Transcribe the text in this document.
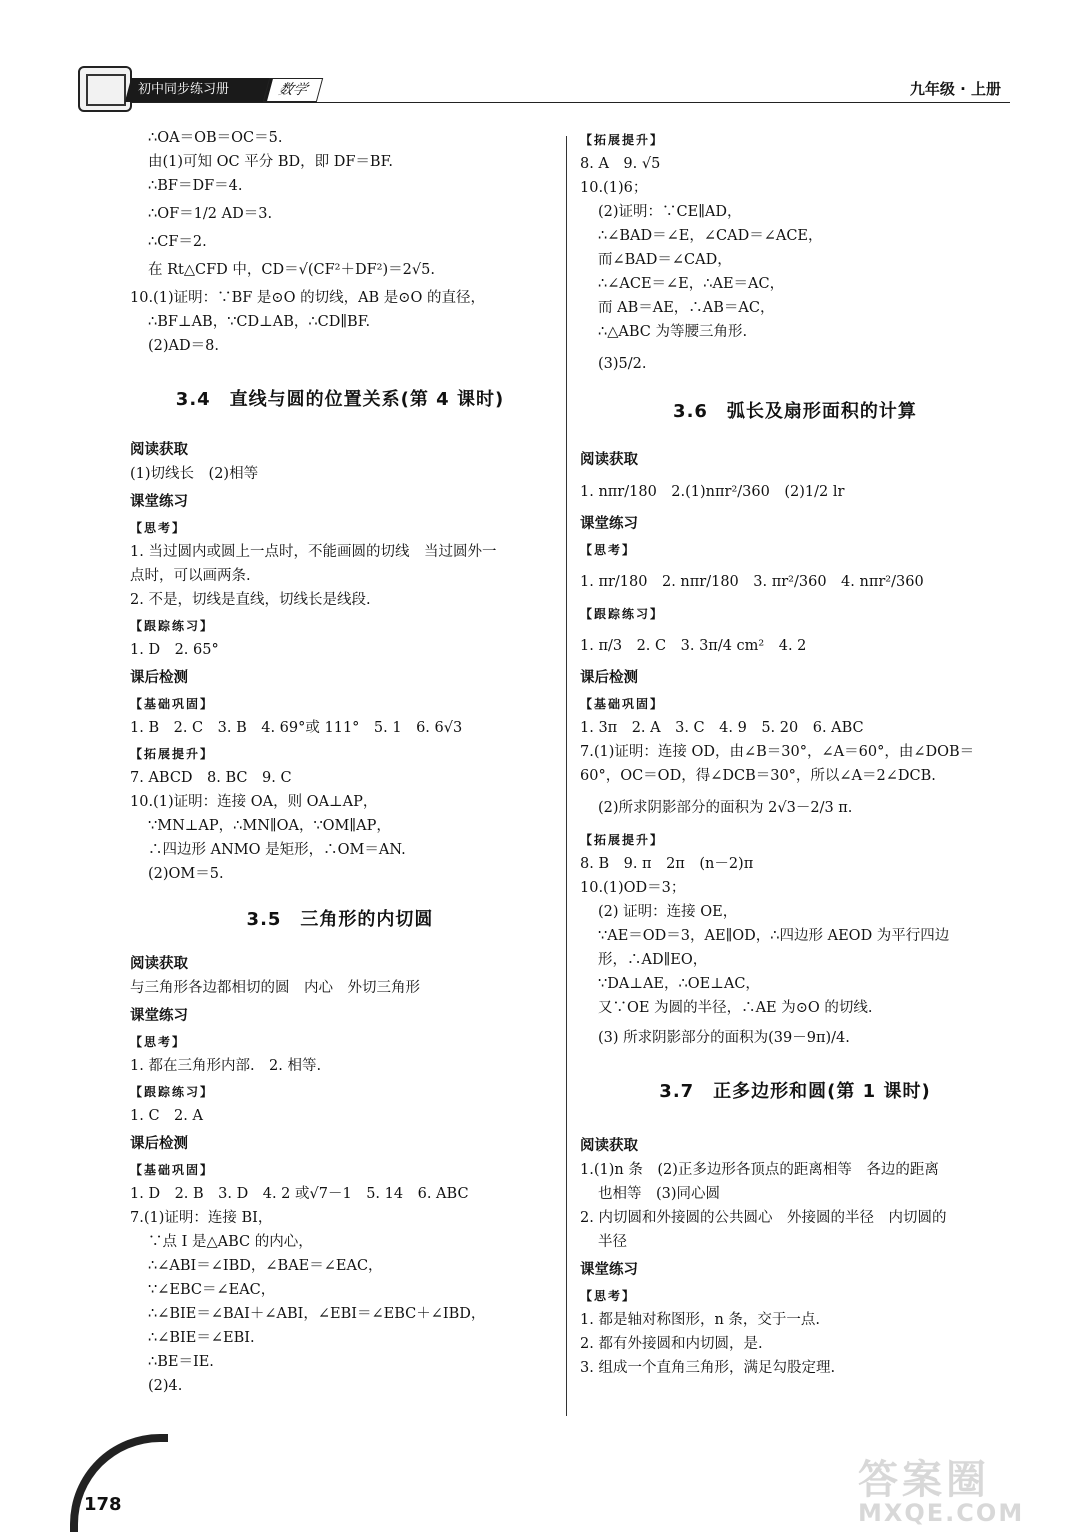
初中同步练习册	数学	九年级 · 上册
∴OA＝OB＝OC＝5.
由(1)可知 OC 平分 BD，即 DF＝BF.
∴BF＝DF＝4.
∴OF＝1/2 AD＝3.
∴CF＝2.
在 Rt△CFD 中，CD＝√(CF²＋DF²)＝2√5.
10.(1)证明：∵BF 是⊙O 的切线，AB 是⊙O 的直径，
∴BF⊥AB，∵CD⊥AB，∴CD∥BF.
(2)AD＝8.
3.4　直线与圆的位置关系(第 4 课时)
阅读获取
(1)切线长　(2)相等
课堂练习
【思考】
1. 当过圆内或圆上一点时，不能画圆的切线　当过圆外一
点时，可以画两条.
2. 不是，切线是直线，切线长是线段.
【跟踪练习】
1. D　2. 65°
课后检测
【基础巩固】
1. B　2. C　3. B　4. 69°或 111°　5. 1　6. 6√3
【拓展提升】
7. ABCD　8. BC　9. C
10.(1)证明：连接 OA，则 OA⊥AP，
∵MN⊥AP，∴MN∥OA，∵OM∥AP，
∴四边形 ANMO 是矩形，∴OM＝AN.
(2)OM＝5.
3.5　三角形的内切圆
阅读获取
与三角形各边都相切的圆　内心　外切三角形
课堂练习
【思考】
1. 都在三角形内部.　2. 相等.
【跟踪练习】
1. C　2. A
课后检测
【基础巩固】
1. D　2. B　3. D　4. 2 或√7－1　5. 14　6. ABC
7.(1)证明：连接 BI，
∵点 I 是△ABC 的内心，
∴∠ABI＝∠IBD，∠BAE＝∠EAC，
∵∠EBC＝∠EAC，
∴∠BIE＝∠BAI＋∠ABI，∠EBI＝∠EBC＋∠IBD，
∴∠BIE＝∠EBI.
∴BE＝IE.
(2)4.
【拓展提升】
8. A　9. √5
10.(1)6；
(2)证明：∵CE∥AD，
∴∠BAD＝∠E，∠CAD＝∠ACE，
而∠BAD＝∠CAD，
∴∠ACE＝∠E，∴AE＝AC，
而 AB＝AE，∴AB＝AC，
∴△ABC 为等腰三角形.
(3)5/2.
3.6　弧长及扇形面积的计算
阅读获取
1. nπr/180　2.(1)nπr²/360　(2)1/2 lr
课堂练习
【思考】
1. πr/180　2. nπr/180　3. πr²/360　4. nπr²/360
【跟踪练习】
1. π/3　2. C　3. 3π/4 cm²　4. 2
课后检测
【基础巩固】
1. 3π　2. A　3. C　4. 9　5. 20　6. ABC
7.(1)证明：连接 OD，由∠B＝30°，∠A＝60°，由∠DOB＝
60°，OC＝OD，得∠DCB＝30°，所以∠A＝2∠DCB.
(2)所求阴影部分的面积为 2√3－2/3 π.
【拓展提升】
8. B　9. π　2π　(n－2)π
10.(1)OD＝3；
(2) 证明：连接 OE，
∵AE＝OD＝3，AE∥OD，∴四边形 AEOD 为平行四边
形，∴AD∥EO，
∵DA⊥AE，∴OE⊥AC，
又∵OE 为圆的半径，∴AE 为⊙O 的切线.
(3) 所求阴影部分的面积为(39－9π)/4.
3.7　正多边形和圆(第 1 课时)
阅读获取
1.(1)n 条　(2)正多边形各顶点的距离相等　各边的距离
也相等　(3)同心圆
2. 内切圆和外接圆的公共圆心　外接圆的半径　内切圆的
半径
课堂练习
【思考】
1. 都是轴对称图形，n 条，交于一点.
2. 都有外接圆和内切圆，是.
3. 组成一个直角三角形，满足勾股定理.
178
答案圈
MXQE.COM
